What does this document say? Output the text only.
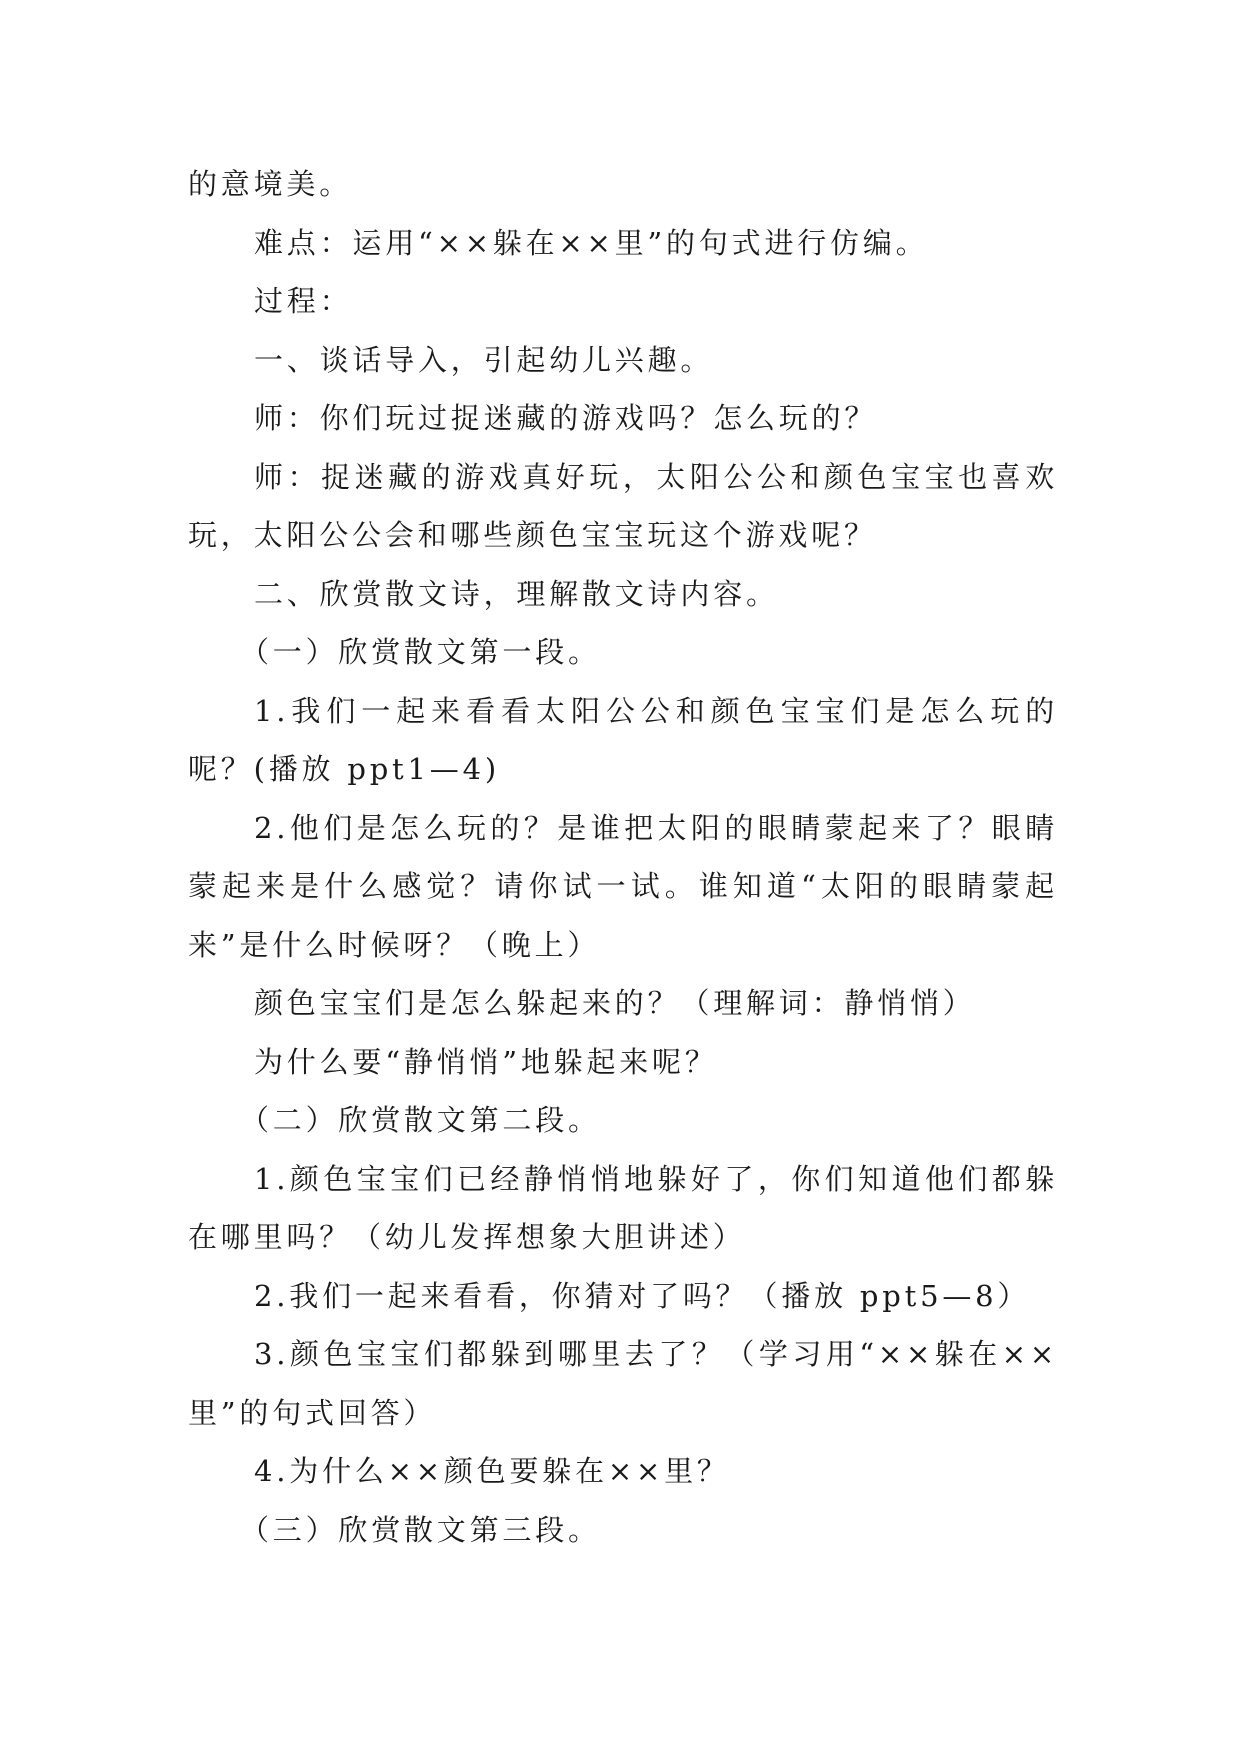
的意境美。

难点：运用“××躲在××里”的句式进行仿编。

过程：

一、谈话导入，引起幼儿兴趣。

师：你们玩过捉迷藏的游戏吗？怎么玩的？

师：捉迷藏的游戏真好玩，太阳公公和颜色宝宝也喜欢玩，太阳公公会和哪些颜色宝宝玩这个游戏呢？

二、欣赏散文诗，理解散文诗内容。

（一）欣赏散文第一段。

1.我们一起来看看太阳公公和颜色宝宝们是怎么玩的呢？(播放 ppt1—4)

2.他们是怎么玩的？是谁把太阳的眼睛蒙起来了？眼睛蒙起来是什么感觉？请你试一试。谁知道“太阳的眼睛蒙起来”是什么时候呀？（晚上）

颜色宝宝们是怎么躲起来的？（理解词：静悄悄）

为什么要“静悄悄”地躲起来呢？

（二）欣赏散文第二段。

1.颜色宝宝们已经静悄悄地躲好了，你们知道他们都躲在哪里吗？（幼儿发挥想象大胆讲述）

2.我们一起来看看，你猜对了吗？（播放 ppt5—8）

3.颜色宝宝们都躲到哪里去了？（学习用“××躲在××里”的句式回答）

4.为什么××颜色要躲在××里？

（三）欣赏散文第三段。
